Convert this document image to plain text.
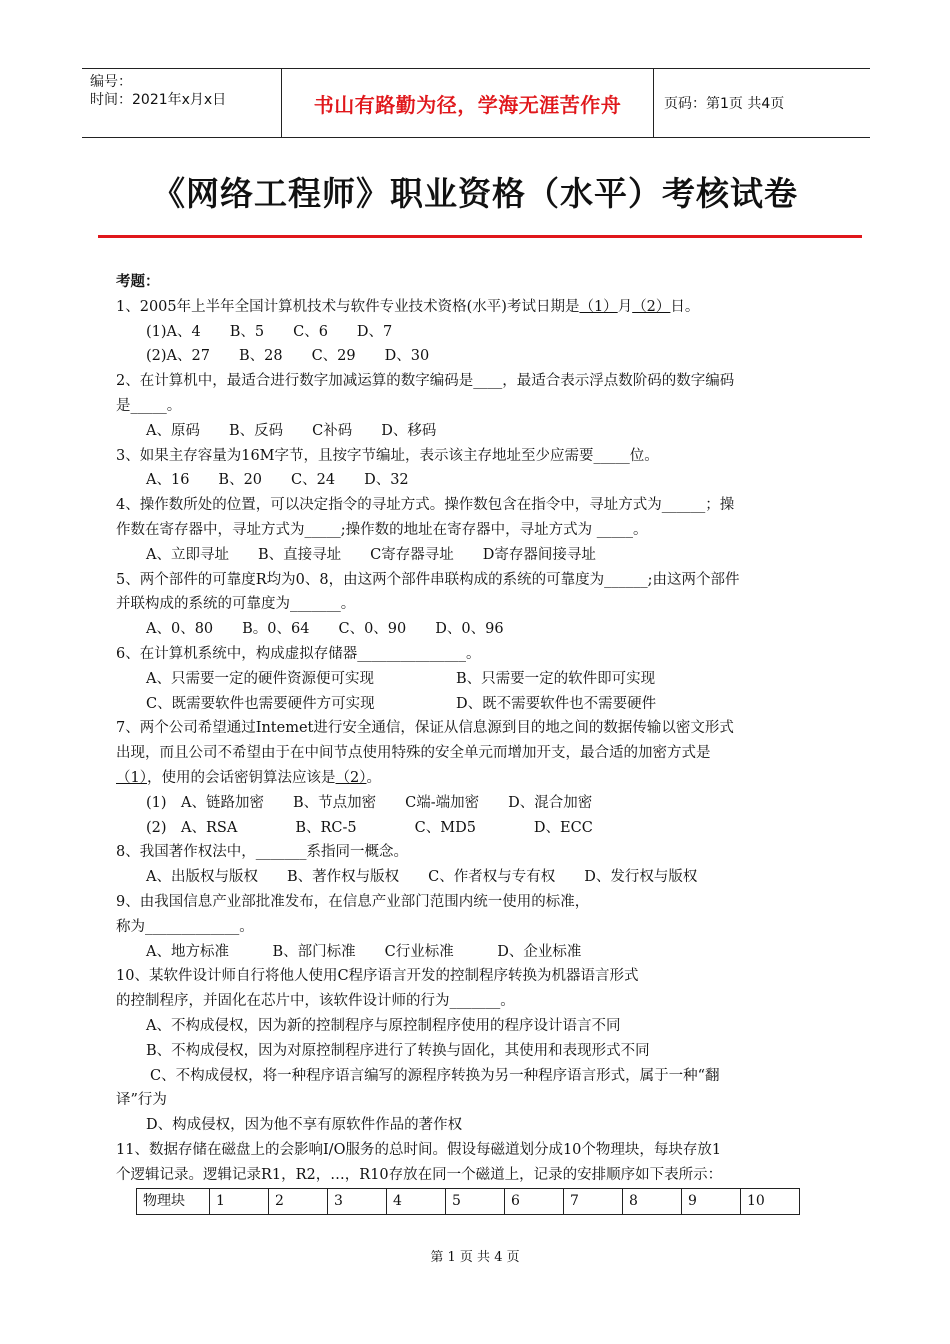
编号：
时间：2021年x月x日	书山有路勤为径，学海无涯苦作舟	页码：第1页 共4页
《网络工程师》职业资格（水平）考核试卷

考题：

1、2005年上半年全国计算机技术与软件专业技术资格(水平)考试日期是（1）月（2）日。

(1)A、4　　B、5　　C、6　　D、7

(2)A、27　　B、28　　C、29　　D、30

2、在计算机中，最适合进行数字加减运算的数字编码是____，最适合表示浮点数阶码的数字编码

是_____。

A、原码　　B、反码　　C补码　　D、移码

3、如果主存容量为16M字节，且按字节编址，表示该主存地址至少应需要_____位。

A、16　　B、20　　C、24　　D、32

4、操作数所处的位置，可以决定指令的寻址方式。操作数包含在指令中，寻址方式为______；操

作数在寄存器中，寻址方式为_____;操作数的地址在寄存器中，寻址方式为 _____。

A、立即寻址　　B、直接寻址　　C寄存器寻址　　D寄存器间接寻址

5、两个部件的可靠度R均为0、8，由这两个部件串联构成的系统的可靠度为______;由这两个部件

并联构成的系统的可靠度为_______。

A、0、80　　B。0、64　　C、0、90　　D、0、96

6、在计算机系统中，构成虚拟存储器_______________。

A、只需要一定的硬件资源便可实现	B、只需要一定的软件即可实现

C、既需要软件也需要硬件方可实现	D、既不需要软件也不需要硬件

7、两个公司希望通过Intemet进行安全通信，保证从信息源到目的地之间的数据传输以密文形式

出现，而且公司不希望由于在中间节点使用特殊的安全单元而增加开支，最合适的加密方式是

（1），使用的会话密钥算法应该是（2）。

(1)　A、链路加密　　B、节点加密　　C端-端加密　　D、混合加密

(2)　A、RSA　　　　B、RC-5　　　　C、MD5　　　　D、ECC

8、我国著作权法中，_______系指同一概念。

A、出版权与版权　　B、著作权与版权　　C、作者权与专有权　　D、发行权与版权

9、由我国信息产业部批准发布，在信息产业部门范围内统一使用的标准，

称为_____________。

A、地方标准　　　B、部门标准　　C行业标准　　　D、企业标准

10、某软件设计师自行将他人使用C程序语言开发的控制程序转换为机器语言形式

的控制程序，并固化在芯片中，该软件设计师的行为_______。

A、不构成侵权，因为新的控制程序与原控制程序使用的程序设计语言不同

B、不构成侵权，因为对原控制程序进行了转换与固化，其使用和表现形式不同

C、不构成侵权，将一种程序语言编写的源程序转换为另一种程序语言形式，属于一种“翻

译”行为

D、构成侵权，因为他不享有原软件作品的著作权

11、数据存储在磁盘上的会影响I/O服务的总时间。假设每磁道划分成10个物理块，每块存放1

个逻辑记录。逻辑记录R1，R2，…，R10存放在同一个磁道上，记录的安排顺序如下表所示：

物理块	1	2	3	4	5	6	7	8	9	10
第 1 页 共 4 页
